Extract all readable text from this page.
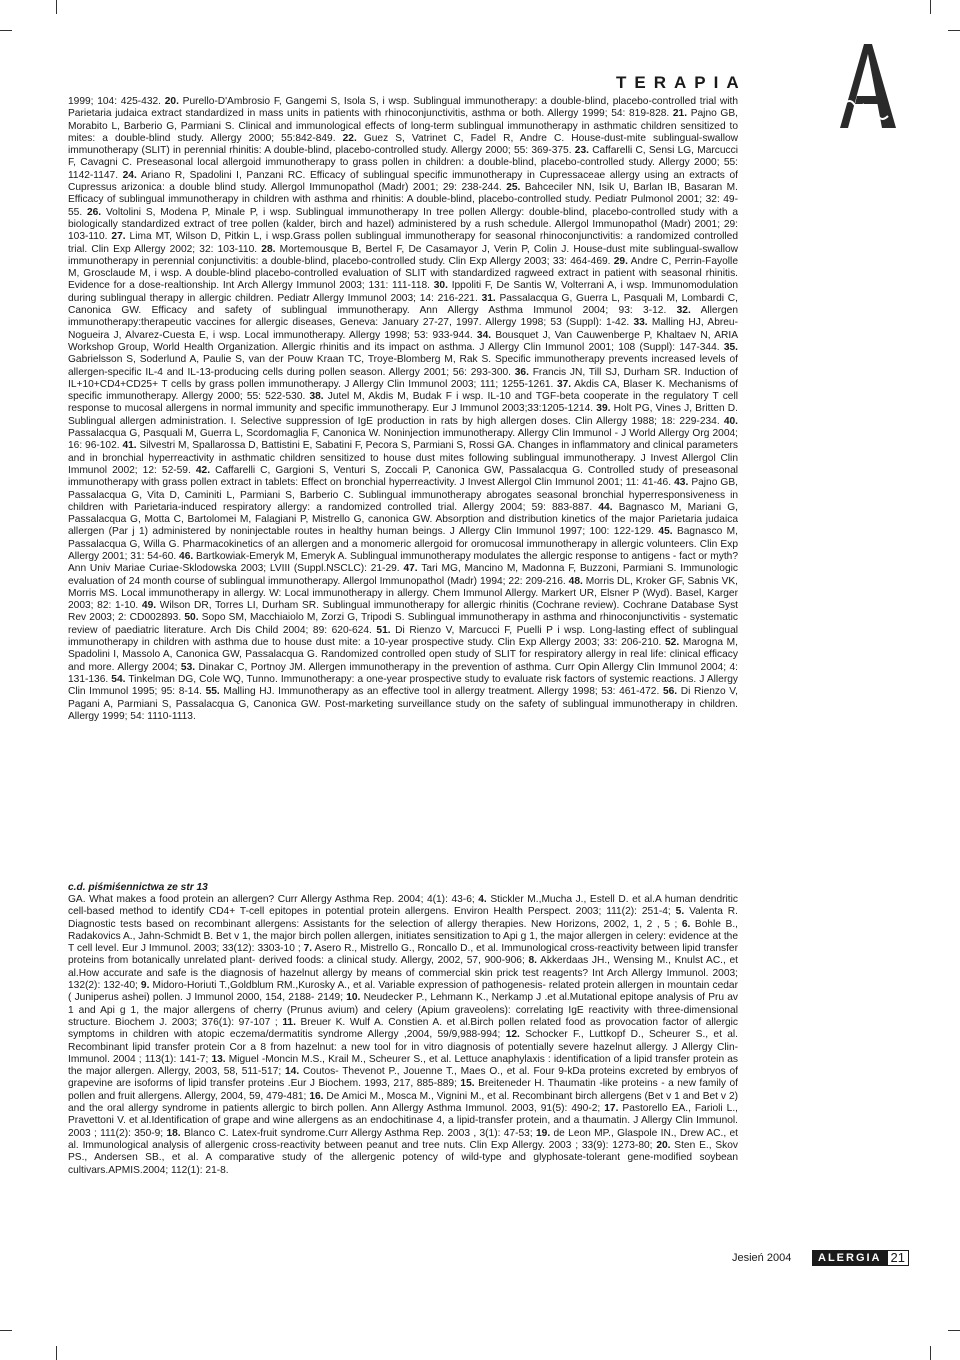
TERAPIA

1999; 104: 425-432. 20. Purello-D'Ambrosio F, Gangemi S, Isola S, i wsp. Sublingual immunotherapy: a double-blind, placebo-controlled trial with Parietaria judaica extract standardized in mass units in patients with rhinoconjunctivitis, asthma or both. Allergy 1999; 54: 819-828. 21. Pajno GB, Morabito L, Barberio G, Parmiani S. Clinical and immunological effects of long-term sublingual immunotherapy in asthmatic children sensitized to mites: a double-blind study. Allergy 2000; 55:842-849. 22. Guez S, Vatrinet C, Fadel R, Andre C. House-dust-mite sublingual-swallow immunotherapy (SLIT) in perennial rhinitis: A double-blind, placebo-controlled study. Allergy 2000; 55: 369-375. 23. Caffarelli C, Sensi LG, Marcucci F, Cavagni C. Preseasonal local allergoid immunotherapy to grass pollen in children: a double-blind, placebo-controlled study. Allergy 2000; 55: 1142-1147. 24. Ariano R, Spadolini I, Panzani RC. Efficacy of sublingual specific immunotherapy in Cupressaceae allergy using an extracts of Cupressus arizonica: a double blind study. Allergol Immunopathol (Madr) 2001; 29: 238-244. 25. Bahceciler NN, Isik U, Barlan IB, Basaran M. Efficacy of sublingual immunotherapy in children with asthma and rhinitis: A double-blind, placebo-controlled study. Pediatr Pulmonol 2001; 32: 49-55. 26. Voltolini S, Modena P, Minale P, i wsp. Sublingual immunotherapy In tree pollen Allergy: double-blind, placebo-controlled study with a biologically standardized extract of tree pollen (kalder, birch and hazel) administered by a rush schedule. Allergol Immunopathol (Madr) 2001; 29: 103-110. 27. Lima MT, Wilson D, Pitkin L, i wsp.Grass pollen sublingual immunotherapy for seasonal rhinoconjunctivitis: a randomized controlled trial. Clin Exp Allergy 2002; 32: 103-110. 28. Mortemousque B, Bertel F, De Casamayor J, Verin P, Colin J. House-dust mite sublingual-swallow immunotherapy in perennial conjunctivitis: a double-blind, placebo-controlled study. Clin Exp Allergy 2003; 33: 464-469. 29. Andre C, Perrin-Fayolle M, Grosclaude M, i wsp. A double-blind placebo-controlled evaluation of SLIT with standardized ragweed extract in patient with seasonal rhinitis. Evidence for a dose-realtionship. Int Arch Allergy Immunol 2003; 131: 111-118. 30. Ippoliti F, De Santis W, Volterrani A, i wsp. Immunomodulation during sublingual therapy in allergic children. Pediatr Allergy Immunol 2003; 14: 216-221. 31. Passalacqua G, Guerra L, Pasquali M, Lombardi C, Canonica GW. Efficacy and safety of sublingual immunotherapy. Ann Allergy Asthma Immunol 2004; 93: 3-12. 32. Allergen immunotherapy:therapeutic vaccines for allergic diseases, Geneva: January 27-27, 1997. Allergy 1998; 53 (Suppl): 1-42. 33. Malling HJ, Abreu-Nogueira J, Alvarez-Cuesta E, i wsp. Local immunotherapy. Allergy 1998; 53: 933-944. 34. Bousquet J, Van Cauwenberge P, Khaltaev N, ARIA Workshop Group, World Health Organization. Allergic rhinitis and its impact on asthma. J Allergy Clin Immunol 2001; 108 (Suppl): 147-344. 35. Gabrielsson S, Soderlund A, Paulie S, van der Pouw Kraan TC, Troye-Blomberg M, Rak S. Specific immunotherapy prevents increased levels of allergen-specific IL-4 and IL-13-producing cells during pollen season. Allergy 2001; 56: 293-300. 36. Francis JN, Till SJ, Durham SR. Induction of IL+10+CD4+CD25+ T cells by grass pollen immunotherapy. J Allergy Clin Immunol 2003; 111; 1255-1261. 37. Akdis CA, Blaser K. Mechanisms of specific immunotherapy. Allergy 2000; 55: 522-530. 38. Jutel M, Akdis M, Budak F i wsp. IL-10 and TGF-beta cooperate in the regulatory T cell response to mucosal allergens in normal immunity and specific immunotherapy. Eur J Immunol 2003;33:1205-1214. 39. Holt PG, Vines J, Britten D. Sublingual allergen administration. I. Selective suppression of IgE production in rats by high allergen doses. Clin Allergy 1988; 18: 229-234. 40. Passalacqua G, Pasquali M, Guerra L, Scordomaglia F, Canonica W. Noninjection immunotherapy. Allergy Clin Immunol - J World Allergy Org 2004; 16: 96-102. 41. Silvestri M, Spallarossa D, Battistini E, Sabatini F, Pecora S, Parmiani S, Rossi GA. Changes in inflammatory and clinical parameters and in bronchial hyperreactivity in asthmatic children sensitized to house dust mites following sublingual immunotherapy. J Invest Allergol Clin Immunol 2002; 12: 52-59. 42. Caffarelli C, Gargioni S, Venturi S, Zoccali P, Canonica GW, Passalacqua G. Controlled study of preseasonal immunotherapy with grass pollen extract in tablets: Effect on bronchial hyperreactivity. J Invest Allergol Clin Immunol 2001; 11: 41-46. 43. Pajno GB, Passalacqua G, Vita D, Caminiti L, Parmiani S, Barberio C. Sublingual immunotherapy abrogates seasonal bronchial hyperresponsiveness in children with Parietaria-induced respiratory allergy: a randomized controlled trial. Allergy 2004; 59: 883-887. 44. Bagnasco M, Mariani G, Passalacqua G, Motta C, Bartolomei M, Falagiani P, Mistrello G, canonica GW. Absorption and distribution kinetics of the major Parietaria judaica allergen (Par j 1) administered by noninjectable routes in healthy human beings. J Allergy Clin Immunol 1997; 100: 122-129. 45. Bagnasco M, Passalacqua G, Willa G. Pharmacokinetics of an allergen and a monomeric allergoid for oromucosal immunotherapy in allergic volunteers. Clin Exp Allergy 2001; 31: 54-60. 46. Bartkowiak-Emeryk M, Emeryk A. Sublingual immunotherapy modulates the allergic response to antigens - fact or myth? Ann Univ Mariae Curiae-Sklodowska 2003; LVIII (Suppl.NSCLC): 21-29. 47. Tari MG, Mancino M, Madonna F, Buzzoni, Parmiani S. Immunologic evaluation of 24 month course of sublingual immunotherapy. Allergol Immunopathol (Madr) 1994; 22: 209-216. 48. Morris DL, Kroker GF, Sabnis VK, Morris MS. Local immunotherapy in allergy. W: Local immunotherapy in allergy. Chem Immunol Allergy. Markert UR, Elsner P (Wyd). Basel, Karger 2003; 82: 1-10. 49. Wilson DR, Torres LI, Durham SR. Sublingual immunotherapy for allergic rhinitis (Cochrane review). Cochrane Database Syst Rev 2003; 2: CD002893. 50. Sopo SM, Macchiaiolo M, Zorzi G, Tripodi S. Sublingual immunotherapy in asthma and rhinoconjunctivitis - systematic review of paediatric literature. Arch Dis Child 2004; 89: 620-624. 51. Di Rienzo V, Marcucci F, Puelli P i wsp. Long-lasting effect of sublingual immunotherapy in children with asthma due to house dust mite: a 10-year prospective study. Clin Exp Allergy 2003; 33: 206-210. 52. Marogna M, Spadolini I, Massolo A, Canonica GW, Passalacqua G. Randomized controlled open study of SLIT for respiratory allergy in real life: clinical efficacy and more. Allergy 2004; 53. Dinakar C, Portnoy JM. Allergen immunotherapy in the prevention of asthma. Curr Opin Allergy Clin Immunol 2004; 4: 131-136. 54. Tinkelman DG, Cole WQ, Tunno. Immunotherapy: a one-year prospective study to evaluate risk factors of systemic reactions. J Allergy Clin Immunol 1995; 95: 8-14. 55. Malling HJ. Immunotherapy as an effective tool in allergy treatment. Allergy 1998; 53: 461-472. 56. Di Rienzo V, Pagani A, Parmiani S, Passalacqua G, Canonica GW. Post-marketing surveillance study on the safety of sublingual immunotherapy in children. Allergy 1999; 54: 1110-1113.

c.d. piśmiśennictwa ze str 13

GA. What makes a food protein an allergen? Curr Allergy Asthma Rep. 2004; 4(1): 43-6; 4. Stickler M.,Mucha J., Estell D. et al.A human dendritic cell-based method to identify CD4+ T-cell epitopes in potential protein allergens. Environ Health Perspect. 2003; 111(2): 251-4; 5. Valenta R. Diagnostic tests based on recombinant allergens: Assistants for the selection of allergy therapies. New Horizons, 2002, 1, 2 , 5 ; 6. Bohle B., Radakovics A., Jahn-Schmidt B. Bet v 1, the major birch pollen allergen, initiates sensitization to Api g 1, the major allergen in celery: evidence at the T cell level. Eur J Immunol. 2003; 33(12): 3303-10 ; 7. Asero R., Mistrello G., Roncallo D., et al. Immunological cross-reactivity between lipid transfer proteins from botanically unrelated plant- derived foods: a clinical study. Allergy, 2002, 57, 900-906; 8. Akkerdaas JH., Wensing M., Knulst AC., et al.How accurate and safe is the diagnosis of hazelnut allergy by means of commercial skin prick test reagents? Int Arch Allergy Immunol. 2003; 132(2): 132-40; 9. Midoro-Horiuti T.,Goldblum RM.,Kurosky A., et al. Variable expression of pathogenesis- related protein allergen in mountain cedar ( Juniperus ashei) pollen. J Immunol 2000, 154, 2188- 2149; 10. Neudecker P., Lehmann K., Nerkamp J .et al.Mutational epitope analysis of Pru av 1 and Api g 1, the major allergens of cherry (Prunus avium) and celery (Apium graveolens): correlating IgE reactivity with three-dimensional structure. Biochem J. 2003; 376(1): 97-107 ; 11. Breuer K. Wulf A. Constien A. et al.Birch pollen related food as provocation factor of allergic symptoms in children with atopic eczema/dermatitis syndrome Allergy ,2004, 59/9,988-994; 12. Schocker F., Luttkopf D., Scheurer S., et al. Recombinant lipid transfer protein Cor a 8 from hazelnut: a new tool for in vitro diagnosis of potentially severe hazelnut allergy. J Allergy Clin-Immunol. 2004 ; 113(1): 141-7; 13. Miguel -Moncin M.S., Krail M., Scheurer S., et al. Lettuce anaphylaxis : identification of a lipid transfer protein as the major allergen. Allergy, 2003, 58, 511-517; 14. Coutos- Thevenot P., Jouenne T., Maes O., et al. Four 9-kDa proteins excreted by embryos of grapevine are isoforms of lipid transfer proteins .Eur J Biochem. 1993, 217, 885-889; 15. Breiteneder H. Thaumatin -like proteins - a new family of pollen and fruit allergens. Allergy, 2004, 59, 479-481; 16. De Amici M., Mosca M., Vignini M., et al. Recombinant birch allergens (Bet v 1 and Bet v 2) and the oral allergy syndrome in patients allergic to birch pollen. Ann Allergy Asthma Immunol. 2003, 91(5): 490-2; 17. Pastorello EA., Farioli L., Pravettoni V. et al.Identification of grape and wine allergens as an endochitinase 4, a lipid-transfer protein, and a thaumatin. J Allergy Clin Immunol. 2003 ; 111(2): 350-9; 18. Blanco C. Latex-fruit syndrome.Curr Allergy Asthma Rep. 2003 , 3(1): 47-53; 19. de Leon MP., Glaspole IN., Drew AC., et al. Immunological analysis of allergenic cross-reactivity between peanut and tree nuts. Clin Exp Allergy. 2003 ; 33(9): 1273-80; 20. Sten E., Skov PS., Andersen SB., et al. A comparative study of the allergenic potency of wild-type and glyphosate-tolerant gene-modified soybean cultivars.APMIS.2004; 112(1): 21-8.

Jesień 2004	ALERGIA 21
